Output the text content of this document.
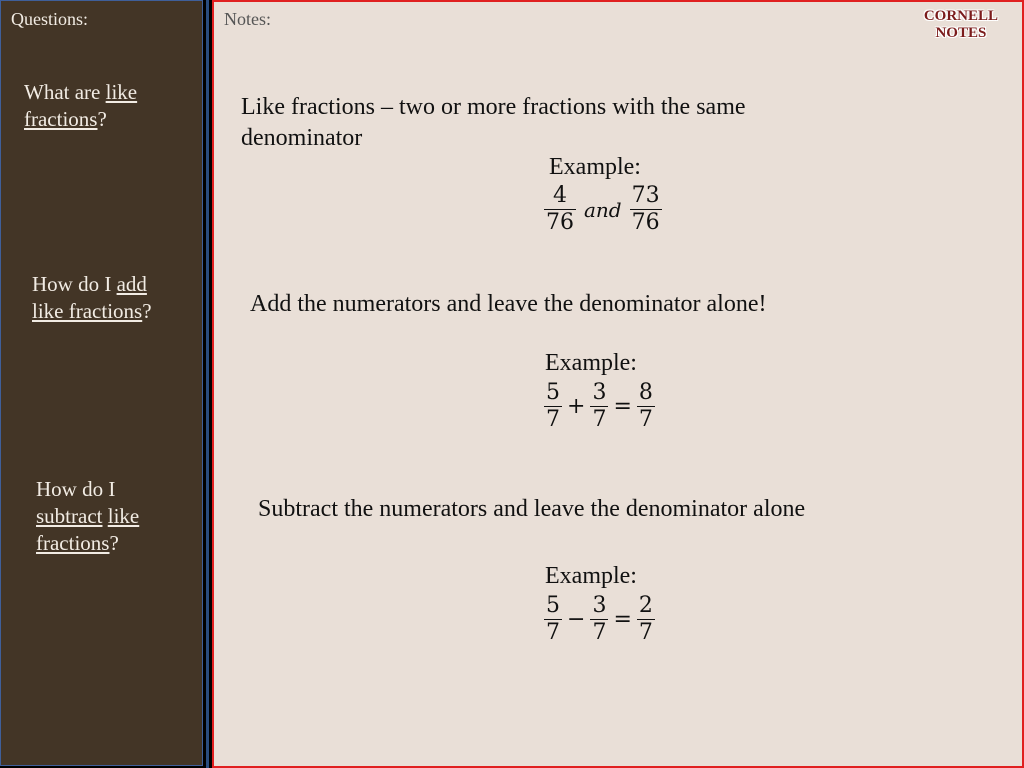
Questions:
What are like
fractions?
How do I add
like fractions?
How do I
subtract like
fractions?
Notes:	CORNELL
NOTES
Like fractions – two or more fractions with the same denominator
Example:
$\frac{4}{76}$ and $\frac{73}{76}$
Add the numerators and leave the denominator alone!
Example:
$\frac{5}{7} + \frac{3}{7} = \frac{8}{7}$
Subtract the numerators and leave the denominator alone
Example:
$\frac{5}{7} - \frac{3}{7} = \frac{2}{7}$
